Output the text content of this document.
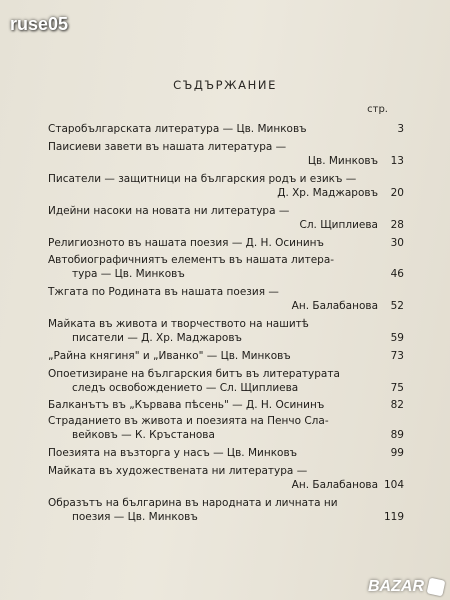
ruse05
СЪДЪРЖАНИЕ
стр.
Старобългарската литература — Цв. Минковъ	3
Паисиеви завети въ нашата литература —
Цв. Минковъ	13
Писатели — защитници на българския родъ и езикъ —
Д. Хр. Маджаровъ	20
Идейни насоки на новата ни литература —
Сл. Щиплиева	28
Религиозното въ нашата поезия — Д. Н. Осининъ	30
Автобиографичниятъ елементъ въ нашата литера-
тура — Цв. Минковъ	46
Тжгата по Родината въ нашата поезия —
Ан. Балабанова	52
Майката въ живота и творчеството на нашитѣ
писатели — Д. Хр. Маджаровъ	59
„Райна княгиня" и „Иванко" — Цв. Минковъ	73
Опоетизиране на българския битъ въ литературата
следъ освобождението — Сл. Щиплиева	75
Балканътъ въ „Кървава пѣсень" — Д. Н. Осининъ	82
Страданието въ живота и поезията на Пенчо Сла-
вейковъ — К. Кръстанова	89
Поезията на възторга у насъ — Цв. Минковъ	99
Майката въ художествената ни литература —
Ан. Балабанова 104
Образътъ на българина въ народната и личната ни
поезия — Цв. Минковъ	119
BAZAR
